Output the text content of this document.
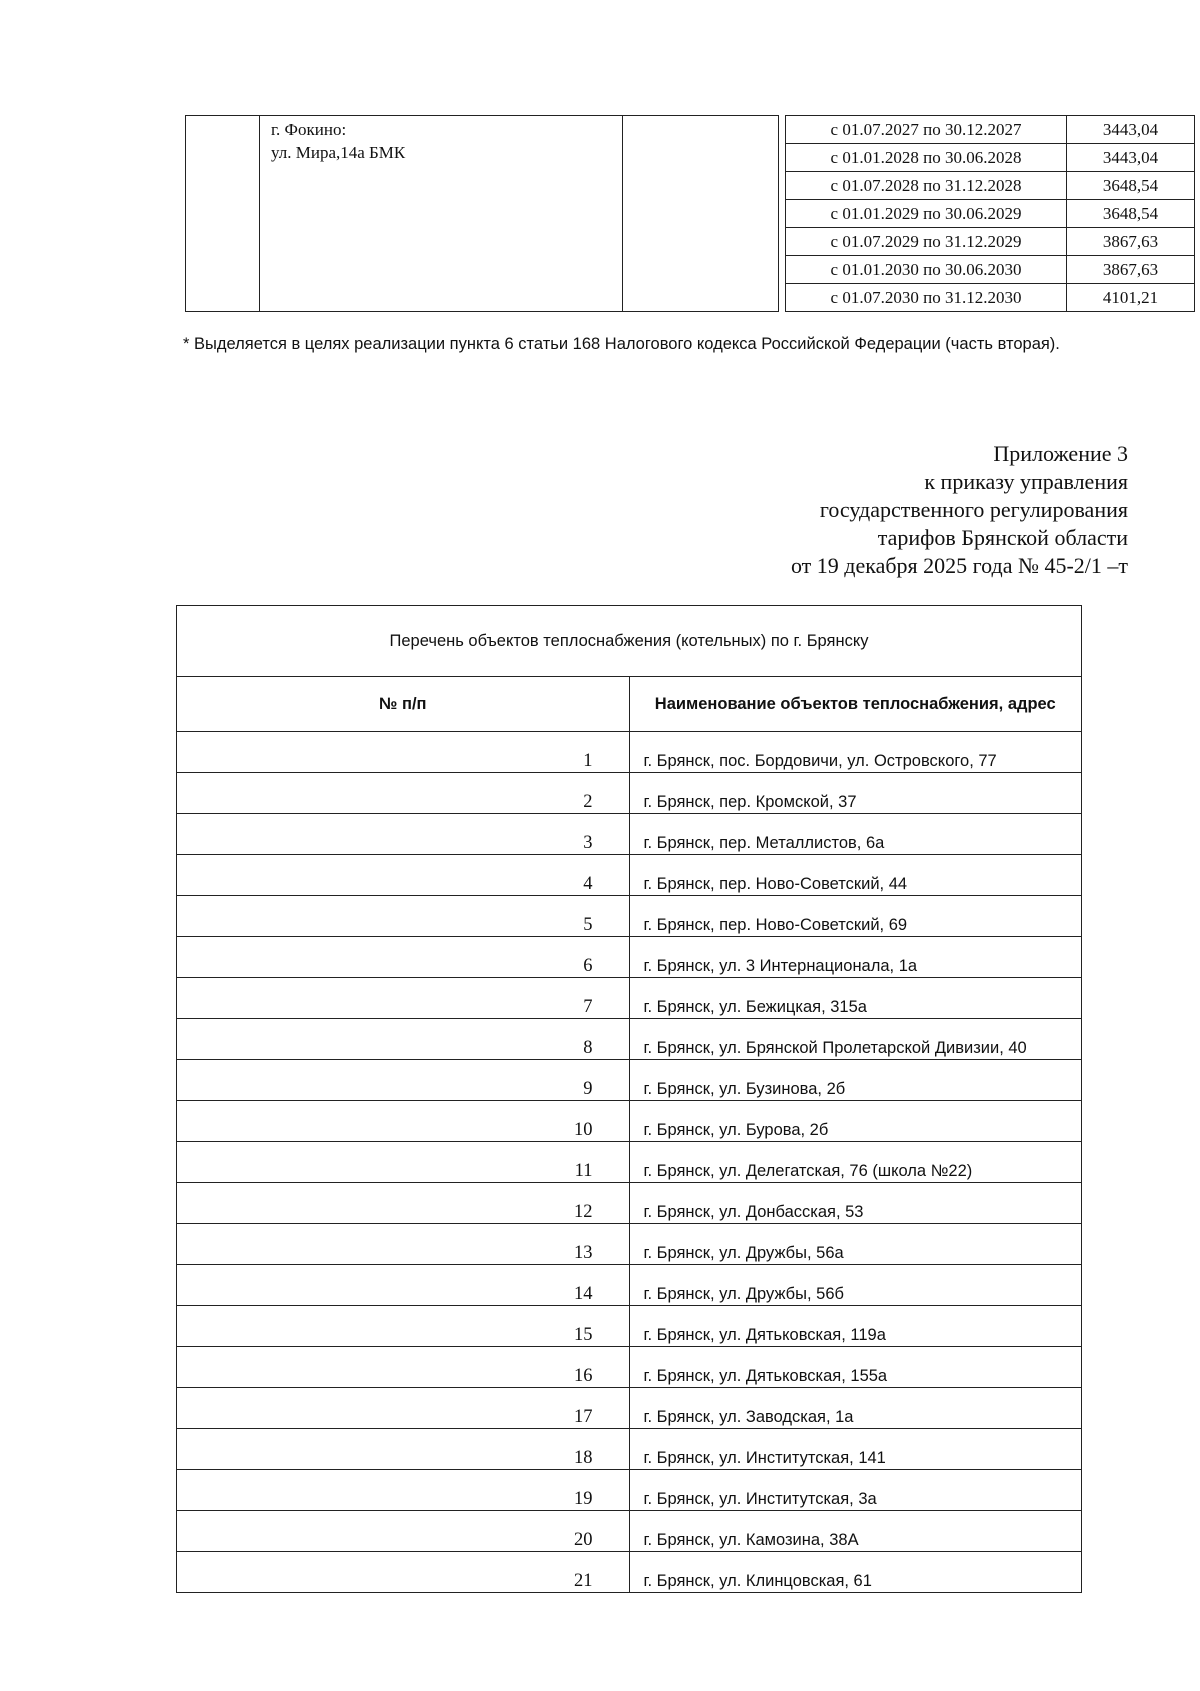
	г. Фокино:
ул. Мира,14а БМК			с 01.07.2027 по 30.12.2027	3443,04
				с 01.01.2028 по 30.06.2028	3443,04
				с 01.07.2028 по 31.12.2028	3648,54
				с 01.01.2029 по 30.06.2029	3648,54
				с 01.07.2029 по 31.12.2029	3867,63
				с 01.01.2030 по 30.06.2030	3867,63
				с 01.07.2030 по 31.12.2030	4101,21
* Выделяется в целях реализации пункта 6 статьи 168 Налогового кодекса Российской Федерации (часть вторая).
Приложение 3
к приказу управления
государственного регулирования
тарифов Брянской области
от 19 декабря 2025 года № 45-2/1 –т
Перечень объектов теплоснабжения (котельных) по г. Брянску	
№ п/п	Наименование объектов теплоснабжения, адрес
1	г. Брянск, пос. Бордовичи, ул. Островского, 77
2	г. Брянск, пер. Кромской, 37
3	г. Брянск, пер. Металлистов, 6а
4	г. Брянск, пер. Ново-Советский, 44
5	г. Брянск, пер. Ново-Советский, 69
6	г. Брянск, ул. 3 Интернационала, 1а
7	г. Брянск, ул. Бежицкая, 315а
8	г. Брянск, ул. Брянской Пролетарской Дивизии, 40
9	г. Брянск, ул. Бузинова, 2б
10	г. Брянск, ул. Бурова, 2б
11	г. Брянск, ул. Делегатская, 76 (школа №22)
12	г. Брянск, ул. Донбасская, 53
13	г. Брянск, ул. Дружбы, 56а
14	г. Брянск, ул. Дружбы, 56б
15	г. Брянск, ул. Дятьковская, 119а
16	г. Брянск, ул. Дятьковская, 155а
17	г. Брянск, ул. Заводская, 1а
18	г. Брянск, ул. Институтская, 141
19	г. Брянск, ул. Институтская, 3а
20	г. Брянск, ул. Камозина, 38А
21	г. Брянск, ул. Клинцовская, 61
